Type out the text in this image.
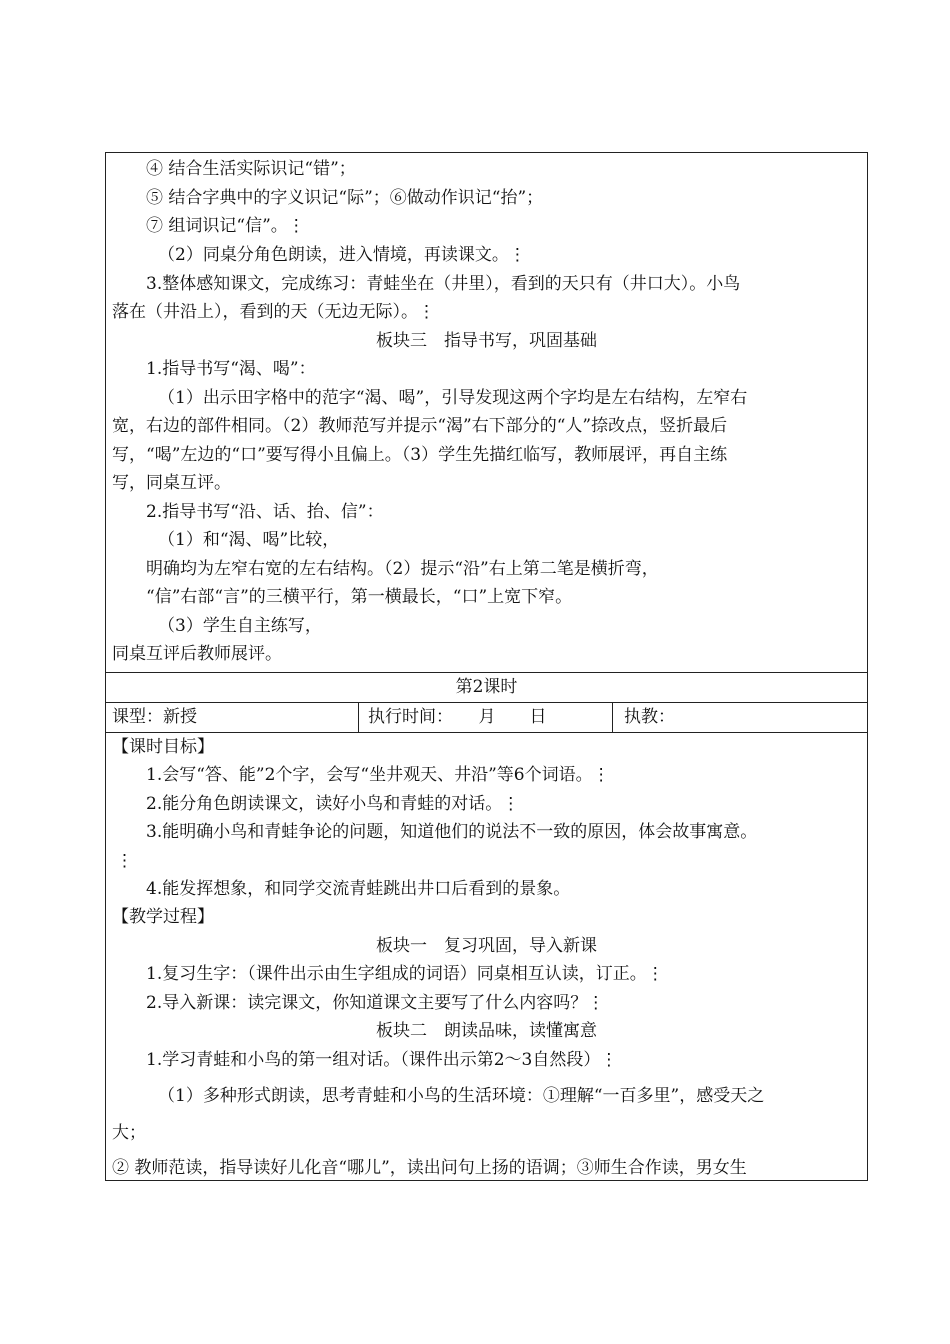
④ 结合生活实际识记“错”；
⑤ 结合字典中的字义识记“际”；⑥做动作识记“抬”；
⑦ 组词识记“信”。⋮
（2）同桌分角色朗读，进入情境，再读课文。⋮
3.整体感知课文，完成练习：青蛙坐在（井里），看到的天只有（井口大）。小鸟
落在（井沿上），看到的天（无边无际）。⋮
板块三　指导书写，巩固基础
1.指导书写“渴、喝”：
（1）出示田字格中的范字“渴、喝”，引导发现这两个字均是左右结构，左窄右
宽，右边的部件相同。（2）教师范写并提示“渴”右下部分的“人”捺改点，竖折最后
写，“喝”左边的“口”要写得小且偏上。（3）学生先描红临写，教师展评，再自主练
写，同桌互评。
2.指导书写“沿、话、抬、信”：
（1）和“渴、喝”比较，
明确均为左窄右宽的左右结构。（2）提示“沿”右上第二笔是横折弯，
“信”右部“言”的三横平行，第一横最长，“口”上宽下窄。
（3）学生自主练写，
同桌互评后教师展评。
第2课时
课型：新授	执行时间：　　月　　日	执教：
【课时目标】
1.会写“答、能”2个字，会写“坐井观天、井沿”等6个词语。⋮
2.能分角色朗读课文，读好小鸟和青蛙的对话。⋮
3.能明确小鸟和青蛙争论的问题，知道他们的说法不一致的原因，体会故事寓意。
⋮
4.能发挥想象，和同学交流青蛙跳出井口后看到的景象。
【教学过程】
板块一　复习巩固，导入新课
1.复习生字：（课件出示由生字组成的词语）同桌相互认读，订正。⋮
2.导入新课：读完课文，你知道课文主要写了什么内容吗？⋮
板块二　朗读品味，读懂寓意
1.学习青蛙和小鸟的第一组对话。（课件出示第2～3自然段）⋮
（1）多种形式朗读，思考青蛙和小鸟的生活环境：①理解“一百多里”，感受天之
大；
② 教师范读，指导读好儿化音“哪儿”，读出问句上扬的语调；③师生合作读，男女生
